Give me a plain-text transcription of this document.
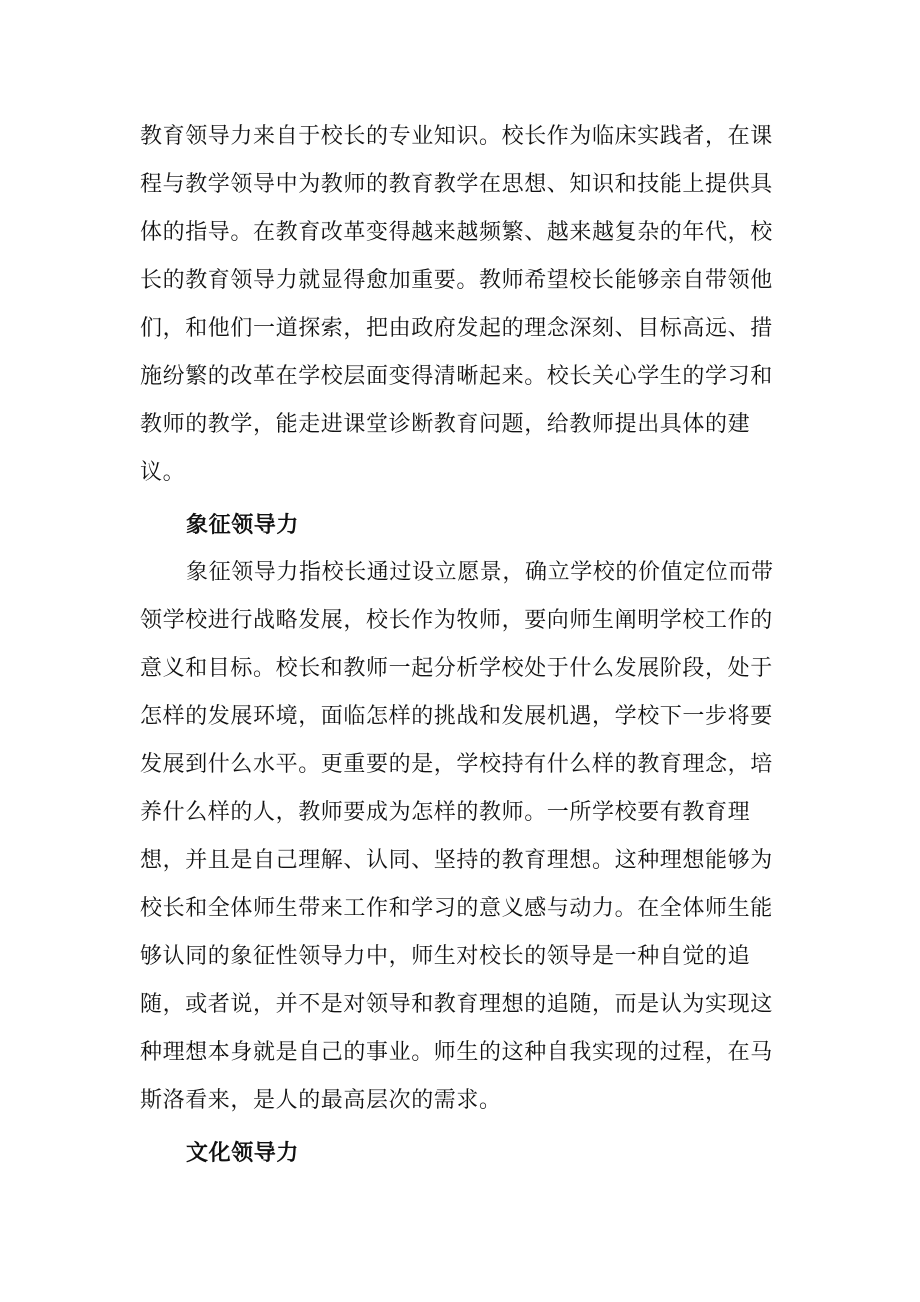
教育领导力来自于校长的专业知识。校长作为临床实践者，在课程与教学领导中为教师的教育教学在思想、知识和技能上提供具体的指导。在教育改革变得越来越频繁、越来越复杂的年代，校长的教育领导力就显得愈加重要。教师希望校长能够亲自带领他们，和他们一道探索，把由政府发起的理念深刻、目标高远、措施纷繁的改革在学校层面变得清晰起来。校长关心学生的学习和教师的教学，能走进课堂诊断教育问题，给教师提出具体的建议。

象征领导力

象征领导力指校长通过设立愿景，确立学校的价值定位而带领学校进行战略发展，校长作为牧师，要向师生阐明学校工作的意义和目标。校长和教师一起分析学校处于什么发展阶段，处于怎样的发展环境，面临怎样的挑战和发展机遇，学校下一步将要发展到什么水平。更重要的是，学校持有什么样的教育理念，培养什么样的人，教师要成为怎样的教师。一所学校要有教育理想，并且是自己理解、认同、坚持的教育理想。这种理想能够为校长和全体师生带来工作和学习的意义感与动力。在全体师生能够认同的象征性领导力中，师生对校长的领导是一种自觉的追随，或者说，并不是对领导和教育理想的追随，而是认为实现这种理想本身就是自己的事业。师生的这种自我实现的过程，在马斯洛看来，是人的最高层次的需求。

文化领导力
